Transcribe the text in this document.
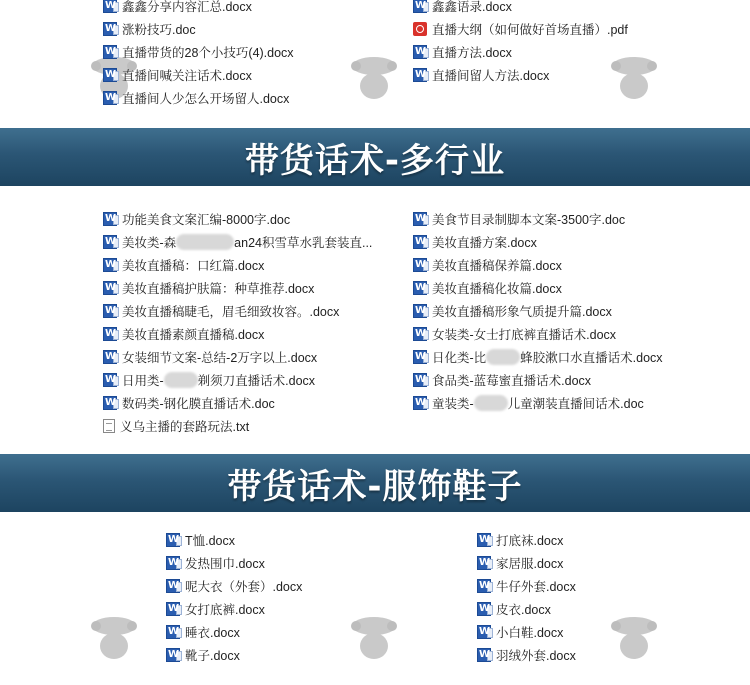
W
鑫鑫分享内容汇总.docx
W
涨粉技巧.doc
W
直播带货的28个小技巧(4).docx
W
直播间喊关注话术.docx
W
直播间人少怎么开场留人.docx
W
鑫鑫语录.docx
直播大纲（如何做好首场直播）.pdf
W
直播方法.docx
W
直播间留人方法.docx
带货话术-多行业
W
功能美食文案汇编-8000字.doc
W
美妆类-森	an24积雪草水乳套装直...
W
美妆直播稿：口红篇.docx
W
美妆直播稿护肤篇：种草推荐.docx
W
美妆直播稿睫毛，眉毛细致妆容。.docx
W
美妆直播素颜直播稿.docx
W
女装细节文案-总结-2万字以上.docx
W
日用类-	剃须刀直播话术.docx
W
数码类-钢化膜直播话术.doc
义乌主播的套路玩法.txt
W
美食节目录制脚本文案-3500字.doc
W
美妆直播方案.docx
W
美妆直播稿保养篇.docx
W
美妆直播稿化妆篇.docx
W
美妆直播稿形象气质提升篇.docx
W
女装类-女士打底裤直播话术.docx
W
日化类-比	蜂胶漱口水直播话术.docx
W
食品类-蓝莓蜜直播话术.docx
W
童装类-	儿童潮装直播间话术.doc
带货话术-服饰鞋子
W
T恤.docx
W
发热围巾.docx
W
呢大衣（外套）.docx
W
女打底裤.docx
W
睡衣.docx
W
靴子.docx
W
打底袜.docx
W
家居服.docx
W
牛仔外套.docx
W
皮衣.docx
W
小白鞋.docx
W
羽绒外套.docx
